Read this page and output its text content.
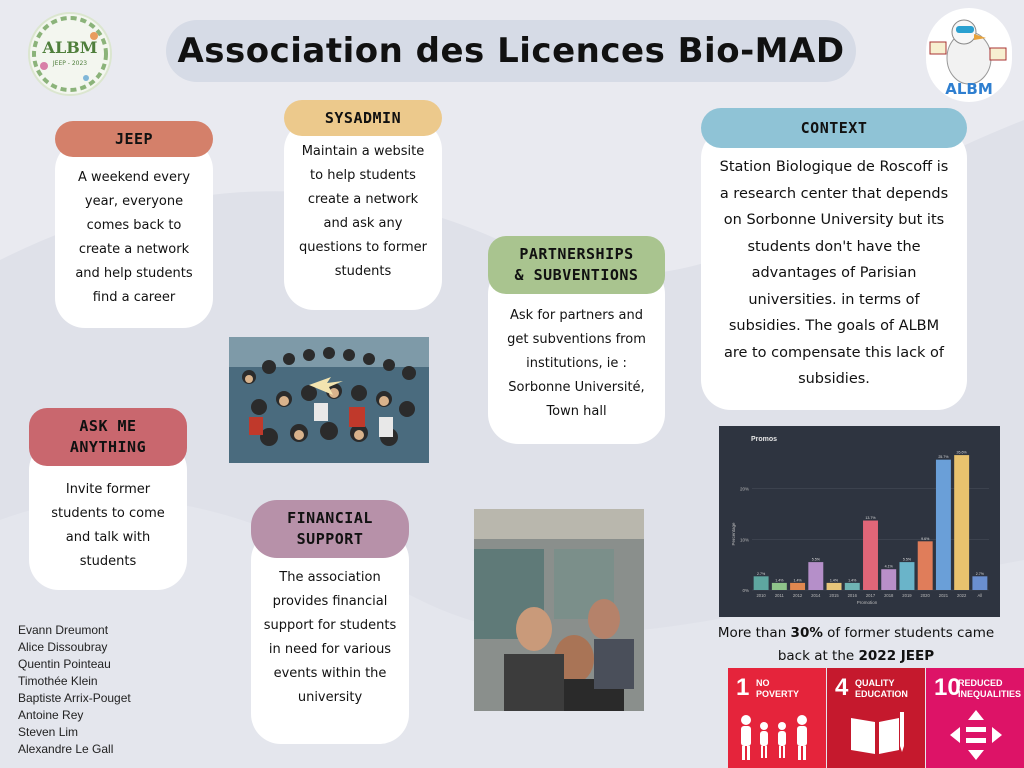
ALBM
JEEP - 2023	Association des Licences Bio-MAD
ALBM
A weekend every year, everyone comes back to create a network and help students find a career
JEEP
Maintain a website to help students create a network and ask any questions to former students
SYSADMIN
Ask for partners and get subventions from institutions, ie : Sorbonne Université, Town hall
PARTNERSHIPS
& SUBVENTIONS
Station Biologique de Roscoff is a research center that depends on Sorbonne University but its students don't have the advantages of Parisian universities. in terms of subsidies. The goals of ALBM are to compensate this lack of subsidies.
CONTEXT
Invite former students to come and talk with students
ASK ME
ANYTHING
The association provides financial support for students in need for various events within the university
FINANCIAL
SUPPORT
Evann Dreumont
Alice Dissoubray
Quentin Pointeau
Timothée Klein
Baptiste Arrix-Pouget
Antoine Rey
Steven Lim
Alexandre Le Gall
Promos
Percentage
Promotion
0%
10%
20%
2.7%
2010
1.4%
2011
1.4%
2012
5.5%
2014
1.4%
2015
1.4%
2016
13.7%
2017
4.1%
2018
5.5%
2019
9.6%
2020
25.7%
2021
26.6%
2022
2.7%
All
More than 30% of former students came back at the 2022 JEEP
1 NO
POVERTY 4 QUALITY
EDUCATION 10
REDUCED
INEQUALITIES
